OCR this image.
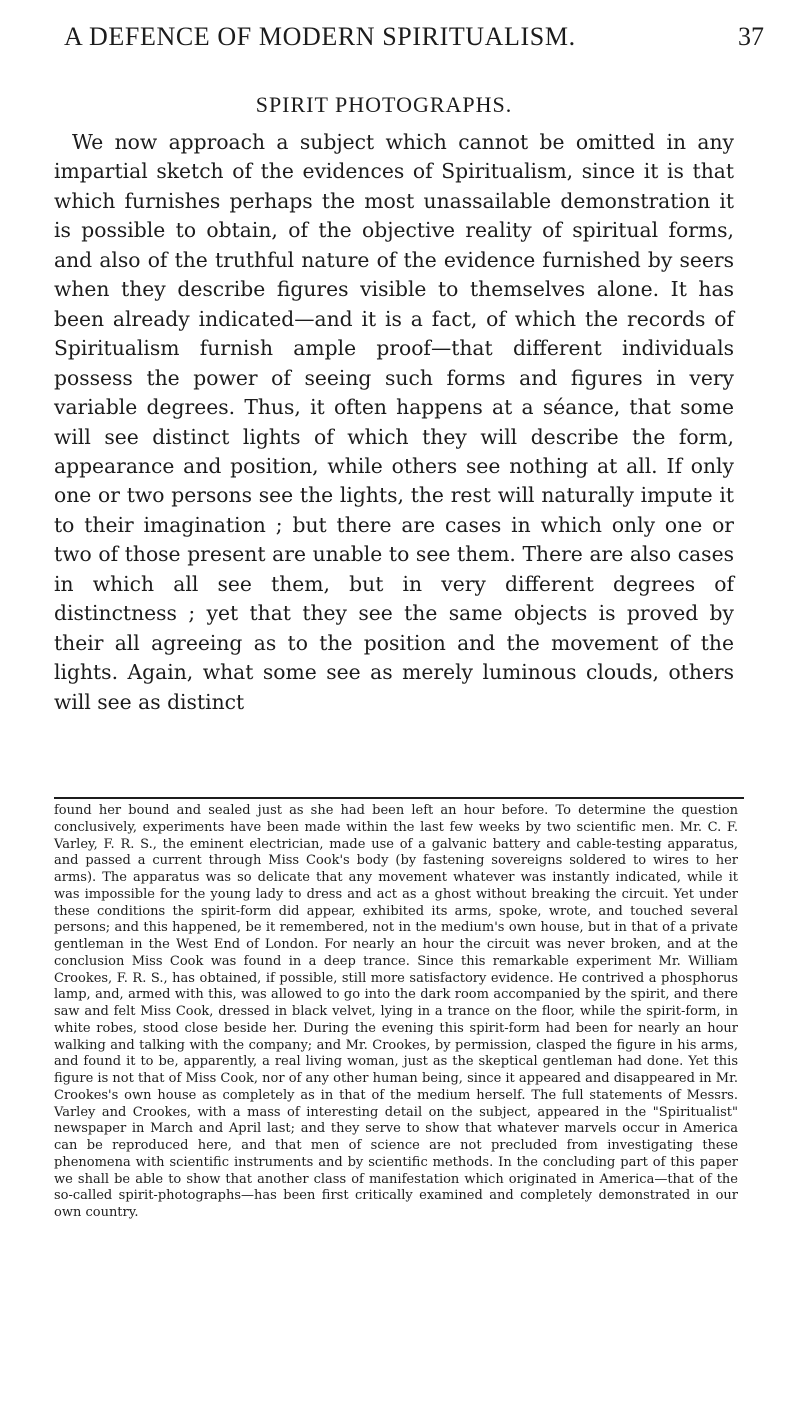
A DEFENCE OF MODERN SPIRITUALISM.	37
SPIRIT PHOTOGRAPHS.

We now approach a subject which cannot be omitted in any impartial sketch of the evidences of Spiritualism, since it is that which furnishes perhaps the most unassailable demonstration it is possible to obtain, of the objective reality of spiritual forms, and also of the truthful nature of the evidence furnished by seers when they describe figures visible to themselves alone. It has been already indicated—and it is a fact, of which the records of Spiritualism furnish ample proof—that different individuals possess the power of seeing such forms and figures in very variable degrees. Thus, it often happens at a séance, that some will see distinct lights of which they will describe the form, appearance and position, while others see nothing at all. If only one or two persons see the lights, the rest will naturally impute it to their imagination ; but there are cases in which only one or two of those present are unable to see them. There are also cases in which all see them, but in very different degrees of distinctness ; yet that they see the same objects is proved by their all agreeing as to the position and the movement of the lights. Again, what some see as merely luminous clouds, others will see as distinct

found her bound and sealed just as she had been left an hour before. To determine the question conclusively, experiments have been made within the last few weeks by two scientific men. Mr. C. F. Varley, F. R. S., the eminent electrician, made use of a galvanic battery and cable-testing apparatus, and passed a current through Miss Cook's body (by fastening sovereigns soldered to wires to her arms). The apparatus was so delicate that any movement whatever was instantly indicated, while it was impossible for the young lady to dress and act as a ghost without breaking the circuit. Yet under these conditions the spirit-form did appear, exhibited its arms, spoke, wrote, and touched several persons; and this happened, be it remembered, not in the medium's own house, but in that of a private gentleman in the West End of London. For nearly an hour the circuit was never broken, and at the conclusion Miss Cook was found in a deep trance. Since this remarkable experiment Mr. William Crookes, F. R. S., has obtained, if possible, still more satisfactory evidence. He contrived a phosphorus lamp, and, armed with this, was allowed to go into the dark room accompanied by the spirit, and there saw and felt Miss Cook, dressed in black velvet, lying in a trance on the floor, while the spirit-form, in white robes, stood close beside her. During the evening this spirit-form had been for nearly an hour walking and talking with the company; and Mr. Crookes, by permission, clasped the figure in his arms, and found it to be, apparently, a real living woman, just as the skeptical gentleman had done. Yet this figure is not that of Miss Cook, nor of any other human being, since it appeared and disappeared in Mr. Crookes's own house as completely as in that of the medium herself. The full statements of Messrs. Varley and Crookes, with a mass of interesting detail on the subject, appeared in the "Spiritualist" newspaper in March and April last; and they serve to show that whatever marvels occur in America can be reproduced here, and that men of science are not precluded from investigating these phenomena with scientific instruments and by scientific methods. In the concluding part of this paper we shall be able to show that another class of manifestation which originated in America—that of the so-called spirit-photographs—has been first critically examined and completely demonstrated in our own country.
